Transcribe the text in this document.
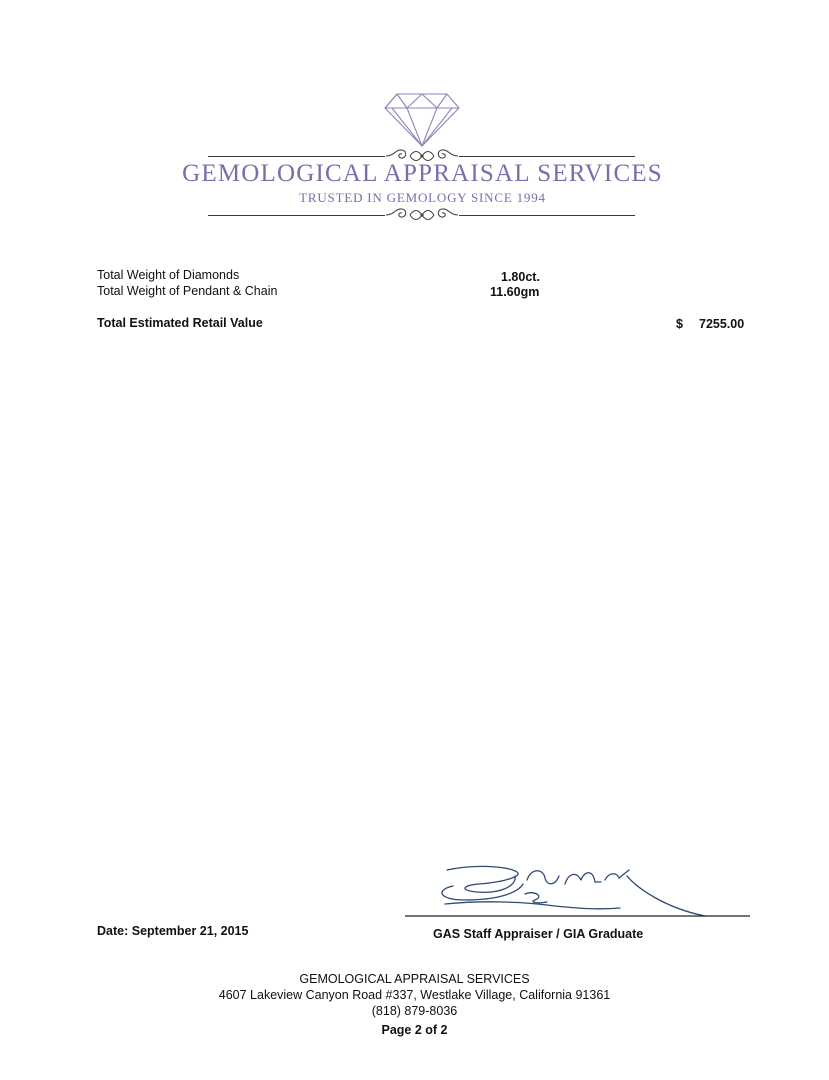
GEMOLOGICAL APPRAISAL SERVICES
TRUSTED IN GEMOLOGY SINCE 1994
Total Weight of Diamonds	1.80ct.
Total Weight of Pendant & Chain	11.60gm
Total Estimated Retail Value	$ 7255.00
Date: September 21, 2015	GAS Staff Appraiser / GIA Graduate
GEMOLOGICAL APPRAISAL SERVICES
4607 Lakeview Canyon Road #337, Westlake Village, California 91361
(818) 879-8036
Page 2 of 2
